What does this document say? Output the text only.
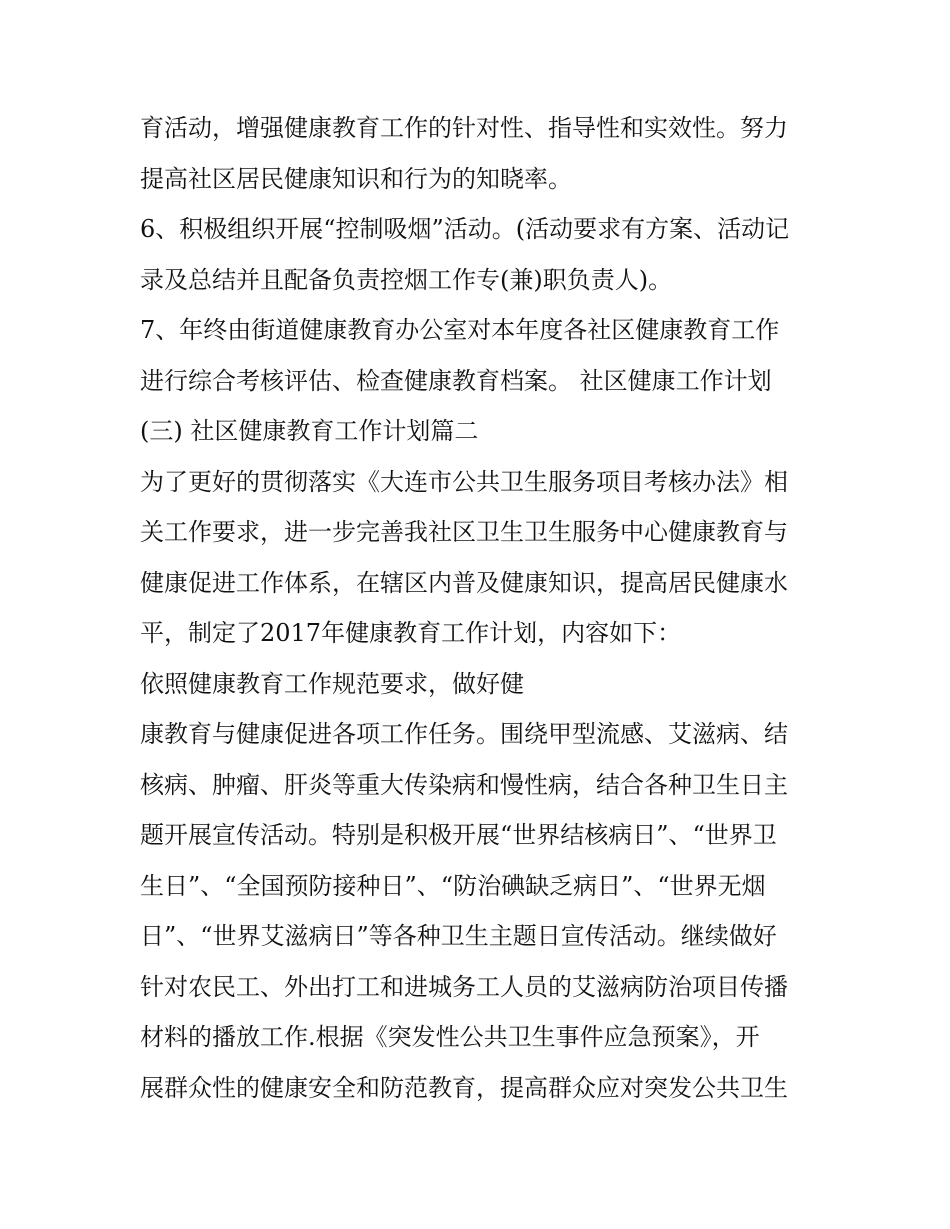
育活动，增强健康教育工作的针对性、指导性和实效性。努力
提高社区居民健康知识和行为的知晓率。
6、积极组织开展“控制吸烟”活动。(活动要求有方案、活动记
录及总结并且配备负责控烟工作专(兼)职负责人)。
7、年终由街道健康教育办公室对本年度各社区健康教育工作
进行综合考核评估、检查健康教育档案。 社区健康工作计划
(三) 社区健康教育工作计划篇二
为了更好的贯彻落实《大连市公共卫生服务项目考核办法》相
关工作要求，进一步完善我社区卫生卫生服务中心健康教育与
健康促进工作体系，在辖区内普及健康知识，提高居民健康水
平，制定了2017年健康教育工作计划，内容如下：
依照健康教育工作规范要求，做好健
康教育与健康促进各项工作任务。围绕甲型流感、艾滋病、结
核病、肿瘤、肝炎等重大传染病和慢性病，结合各种卫生日主
题开展宣传活动。特别是积极开展“世界结核病日”、“世界卫
生日”、“全国预防接种日”、“防治碘缺乏病日”、“世界无烟
日”、“世界艾滋病日”等各种卫生主题日宣传活动。继续做好
针对农民工、外出打工和进城务工人员的艾滋病防治项目传播
材料的播放工作.根据《突发性公共卫生事件应急预案》，开
展群众性的健康安全和防范教育，提高群众应对突发公共卫生
